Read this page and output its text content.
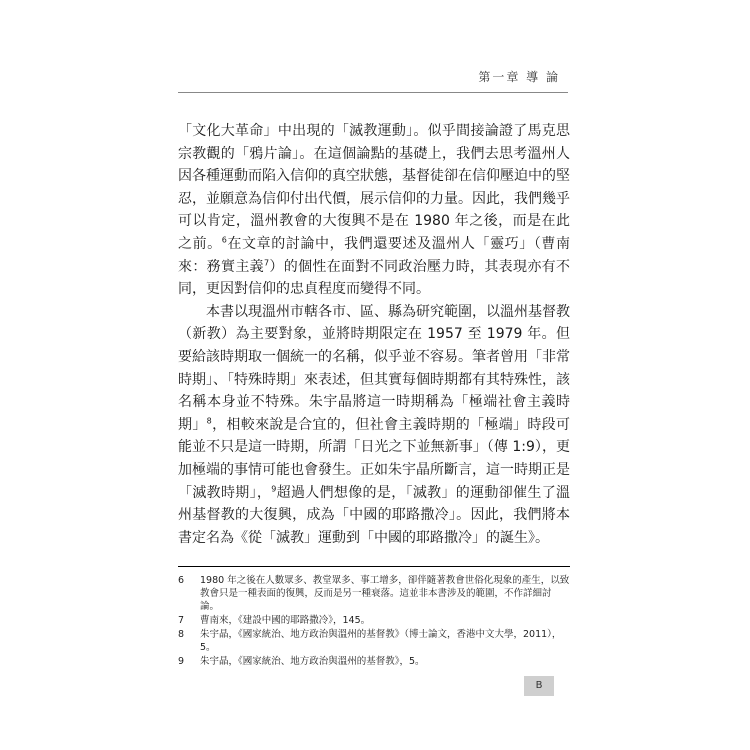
第一章 導 論

「文化大革命」中出現的「滅教運動」。似乎間接論證了馬克思宗教觀的「鴉片論」。在這個論點的基礎上，我們去思考溫州人因各種運動而陷入信仰的真空狀態，基督徒卻在信仰壓迫中的堅忍，並願意為信仰付出代價，展示信仰的力量。因此，我們幾乎可以肯定，溫州教會的大復興不是在 1980 年之後，而是在此之前。$^6$在文章的討論中，我們還要述及溫州人「靈巧」（曹南來：務實主義$^7$）的個性在面對不同政治壓力時，其表現亦有不同，更因對信仰的忠貞程度而變得不同。

本書以現溫州市轄各市、區、縣為研究範圍，以溫州基督教（新教）為主要對象，並將時期限定在 1957 至 1979 年。但要給該時期取一個統一的名稱，似乎並不容易。筆者曾用「非常時期」、「特殊時期」來表述，但其實每個時期都有其特殊性，該名稱本身並不特殊。朱宇晶將這一時期稱為「極端社會主義時期」$^8$，相較來說是合宜的，但社會主義時期的「極端」時段可能並不只是這一時期，所謂「日光之下並無新事」（傳 1:9），更加極端的事情可能也會發生。正如朱宇晶所斷言，這一時期正是「滅教時期」，$^9$超過人們想像的是，「滅教」的運動卻催生了溫州基督教的大復興，成為「中國的耶路撒冷」。因此，我們將本書定名為《從「滅教」運動到「中國的耶路撒冷」的誕生》。

6	1980 年之後在人數眾多、教堂眾多、事工增多，卻伴隨著教會世俗化現象的產生，以致教會只是一種表面的復興，反而是另一種衰落。這並非本書涉及的範圍，不作詳細討論。
7	曹南來，《建設中國的耶路撒冷》，145。
8	朱宇晶，《國家統治、地方政治與溫州的基督教》（博士論文，香港中文大學，2011），5。
9	朱宇晶，《國家統治、地方政治與溫州的基督教》，5。
B
